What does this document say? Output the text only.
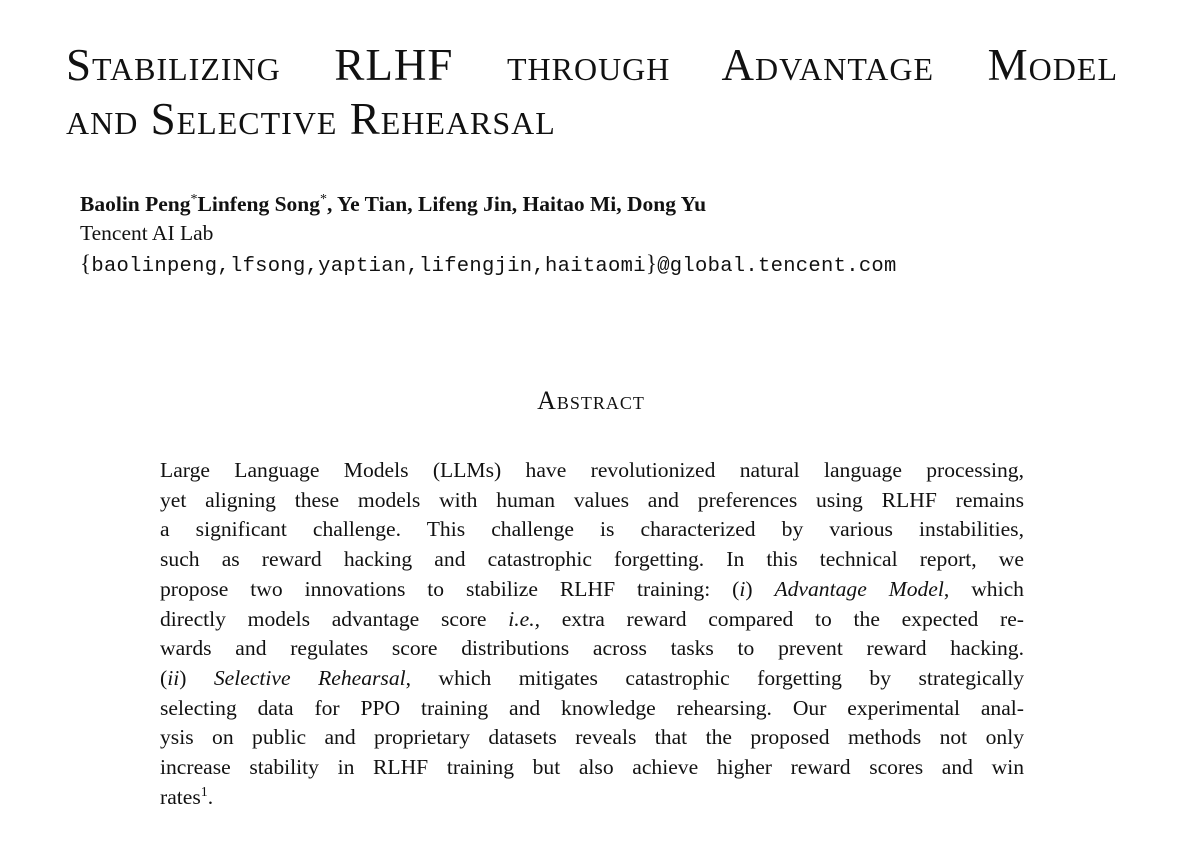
Stabilizing RLHF through Advantage Model
and Selective Rehearsal
Baolin Peng*Linfeng Song*, Ye Tian, Lifeng Jin, Haitao Mi, Dong Yu
Tencent AI Lab
{baolinpeng,lfsong,yaptian,lifengjin,haitaomi}@global.tencent.com
Abstract
Large Language Models (LLMs) have revolutionized natural language processing,
yet aligning these models with human values and preferences using RLHF remains
a significant challenge. This challenge is characterized by various instabilities,
such as reward hacking and catastrophic forgetting. In this technical report, we
propose two innovations to stabilize RLHF training: (i) Advantage Model, which
directly models advantage score i.e., extra reward compared to the expected re-
wards and regulates score distributions across tasks to prevent reward hacking.
(ii) Selective Rehearsal, which mitigates catastrophic forgetting by strategically
selecting data for PPO training and knowledge rehearsing. Our experimental anal-
ysis on public and proprietary datasets reveals that the proposed methods not only
increase stability in RLHF training but also achieve higher reward scores and win
rates$^1$.
